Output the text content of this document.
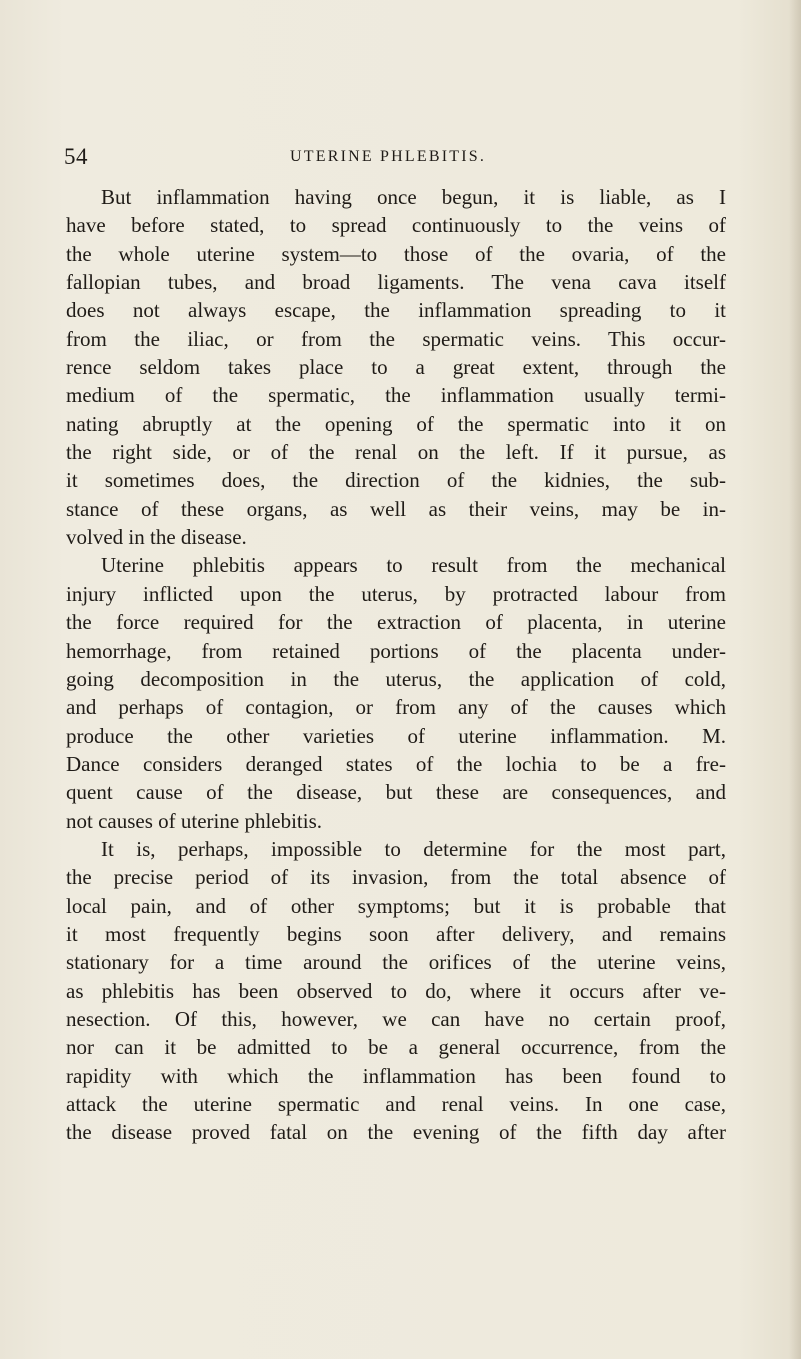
54	UTERINE PHLEBITIS.
But inflammation having once begun, it is liable, as I
have before stated, to spread continuously to the veins of
the whole uterine system—to those of the ovaria, of the
fallopian tubes, and broad ligaments. The vena cava itself
does not always escape, the inflammation spreading to it
from the iliac, or from the spermatic veins. This occur-
rence seldom takes place to a great extent, through the
medium of the spermatic, the inflammation usually termi-
nating abruptly at the opening of the spermatic into it on
the right side, or of the renal on the left. If it pursue, as
it sometimes does, the direction of the kidnies, the sub-
stance of these organs, as well as their veins, may be in-
volved in the disease.
Uterine phlebitis appears to result from the mechanical
injury inflicted upon the uterus, by protracted labour from
the force required for the extraction of placenta, in uterine
hemorrhage, from retained portions of the placenta under-
going decomposition in the uterus, the application of cold,
and perhaps of contagion, or from any of the causes which
produce the other varieties of uterine inflammation. M.
Dance considers deranged states of the lochia to be a fre-
quent cause of the disease, but these are consequences, and
not causes of uterine phlebitis.
It is, perhaps, impossible to determine for the most part,
the precise period of its invasion, from the total absence of
local pain, and of other symptoms; but it is probable that
it most frequently begins soon after delivery, and remains
stationary for a time around the orifices of the uterine veins,
as phlebitis has been observed to do, where it occurs after ve-
nesection. Of this, however, we can have no certain proof,
nor can it be admitted to be a general occurrence, from the
rapidity with which the inflammation has been found to
attack the uterine spermatic and renal veins. In one case,
the disease proved fatal on the evening of the fifth day after
